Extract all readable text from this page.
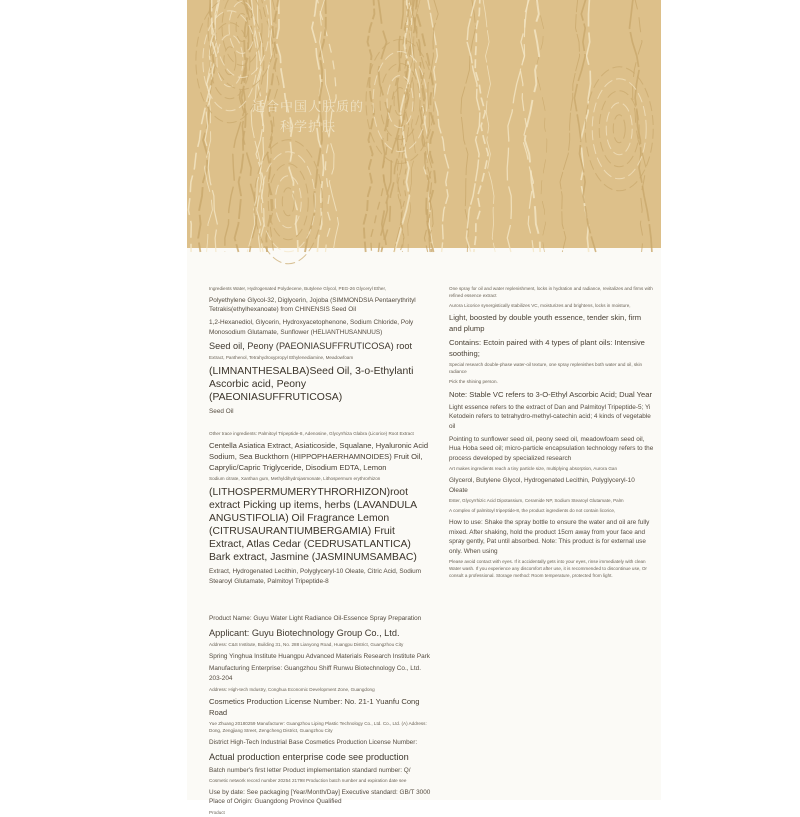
适合中国人肤质的
科学护肤

Ingredients Water, Hydrogenated Polydecene, Butylene Glycol, PEG-26 Glyceryl Ether,

Polyethylene Glycol-32, Diglycerin, Jojoba (SIMMONDSIA Pentaerythrityl Tetrakis(ethylhexanoate) from CHINENSIS Seed Oil

1,2-Hexanediol, Glycerin, Hydroxyacetophenone, Sodium Chloride, Poly Monosodium Glutamate, Sunflower (HELIANTHUSANNUUS)

Seed oil, Peony (PAEONIASUFFRUTICOSA) root

Extract, Panthenol, Tetrahydroxypropyl Ethylenediamine, Meadowfoam

(LIMNANTHESALBA)Seed Oil, 3-o-Ethylanti Ascorbic acid, Peony (PAEONIASUFFRUTICOSA)

Seed Oil

Other trace ingredients: Palmitoyl Tripeptide-8, Adenosine, Glycyrrhiza Glabra (Licorice) Root Extract

Centella Asiatica Extract, Asiaticoside, Squalane, Hyaluronic Acid Sodium, Sea Buckthorn (HIPPOPHAERHAMNOIDES) Fruit Oil, Caprylic/Capric Triglyceride, Disodium EDTA, Lemon

Sodium citrate, Xanthan gum, Methyldihydrojasmonate, Lithospermum erythrorhizon

(LITHOSPERMUMERYTHRORHIZON)root extract Picking up items, herbs (LAVANDULA ANGUSTIFOLIA) Oil Fragrance Lemon (CITRUSAURANTIUMBERGAMIA) Fruit Extract, Atlas Cedar (CEDRUSATLANTICA) Bark extract, Jasmine (JASMINUMSAMBAC)

Extract, Hydrogenated Lecithin, Polyglyceryl-10 Oleate, Citric Acid, Sodium Stearoyl Glutamate, Palmitoyl Tripeptide-8

Product Name: Guyu Water Light Radiance Oil-Essence Spray Preparation

Applicant: Guyu Biotechnology Group Co., Ltd.

Address: C&S Institute, Building 31, No. 288 Lianyong Road, Huangpu District, Guangzhou City

Spring Yinghua Institute Huangpu Advanced Materials Research Institute Park

Manufacturing Enterprise: Guangzhou Shiff Runwu Biotechnology Co., Ltd. 203-204

Address: High-tech Industry, Conghua Economic Development Zone, Guangdong

Cosmetics Production License Number: No. 21-1 Yuanfu Cong Road

Yue Zhuang 20180259 Manufacturer: Guangzhou Liping Plastic Technology Co., Ltd. Co., Ltd. (A) Address: Dong, Zengjiang Street, Zengcheng District, Guangzhou City

District High-Tech Industrial Base Cosmetics Production License Number:

Actual production enterprise code see production

Batch number's first letter Product implementation standard number: Q/

Cosmetic network record number 20254 21798 Production batch number and expiration date see

Use by date: See packaging [Year/Month/Day] Executive standard: GB/T 3000 Place of Origin: Guangdong Province Qualified

Product

One spray for oil and water replenishment, locks in hydration and radiance, revitalizes and firms with refined essence extract

Aurora Licorice synergistically stabilizes VC, moisturizes and brightens, locks in moisture,

Light, boosted by double youth essence, tender skin, firm and plump

Contains: Ectoin paired with 4 types of plant oils: Intensive soothing;

Special research double-phase water-oil texture, one spray replenishes both water and oil, skin radiance

Pick the shining person.

Note: Stable VC refers to 3-O-Ethyl Ascorbic Acid; Dual Year

Light essence refers to the extract of Dan and Palmitoyl Tripeptide-5; Yi Ketodein refers to tetrahydro-methyl-catechin acid; 4 kinds of vegetable oil

Pointing to sunflower seed oil, peony seed oil, meadowfoam seed oil, Hua Hoba seed oil; micro-particle encapsulation technology refers to the process developed by specialized research

Art makes ingredients reach a tiny particle size, multiplying absorption, Aurora Gan

Glycerol, Butylene Glycol, Hydrogenated Lecithin, Polyglyceryl-10 Oleate

Ester, Glycyrrhizic Acid Dipotassium, Ceramide NP, Sodium Stearoyl Glutamate, Palm

A complex of palmitoyl tripeptide-8, the product ingredients do not contain licorice,

How to use: Shake the spray bottle to ensure the water and oil are fully mixed. After shaking, hold the product 15cm away from your face and spray gently, Pat until absorbed. Note: This product is for external use only. When using

Please avoid contact with eyes. If it accidentally gets into your eyes, rinse immediately with clean Water wash. If you experience any discomfort after use, it is recommended to discontinue use, Or consult a professional. Storage method: Room temperature, protected from light.
